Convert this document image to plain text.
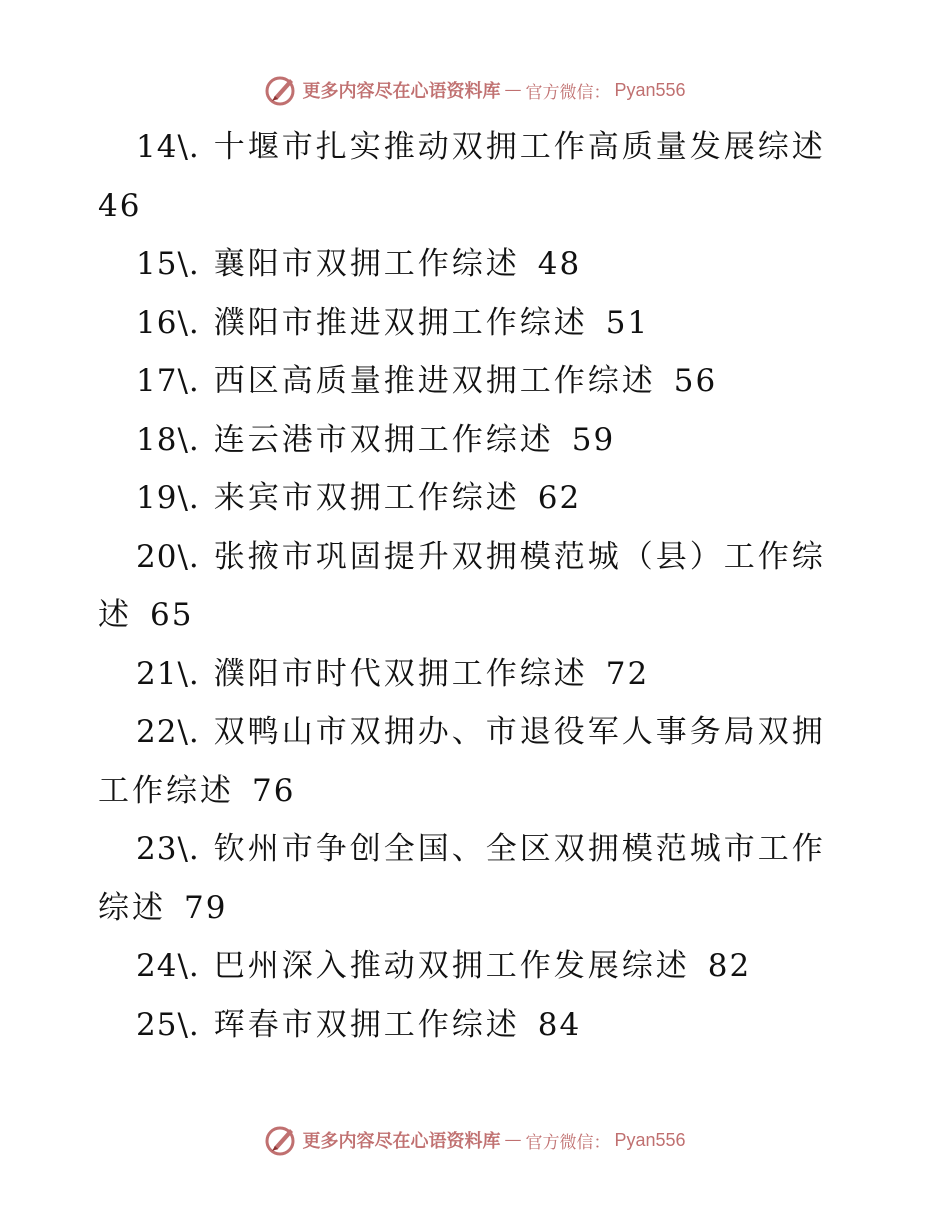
更多内容尽在心语资料库 — 官方微信： Pyan556
14\. 十堰市扎实推动双拥工作高质量发展综述
46
15\. 襄阳市双拥工作综述 48
16\. 濮阳市推进双拥工作综述 51
17\. 西区高质量推进双拥工作综述 56
18\. 连云港市双拥工作综述 59
19\. 来宾市双拥工作综述 62
20\. 张掖市巩固提升双拥模范城（县）工作综
述 65
21\. 濮阳市时代双拥工作综述 72
22\. 双鸭山市双拥办、市退役军人事务局双拥
工作综述 76
23\. 钦州市争创全国、全区双拥模范城市工作
综述 79
24\. 巴州深入推动双拥工作发展综述 82
25\. 珲春市双拥工作综述 84
更多内容尽在心语资料库 — 官方微信： Pyan556
